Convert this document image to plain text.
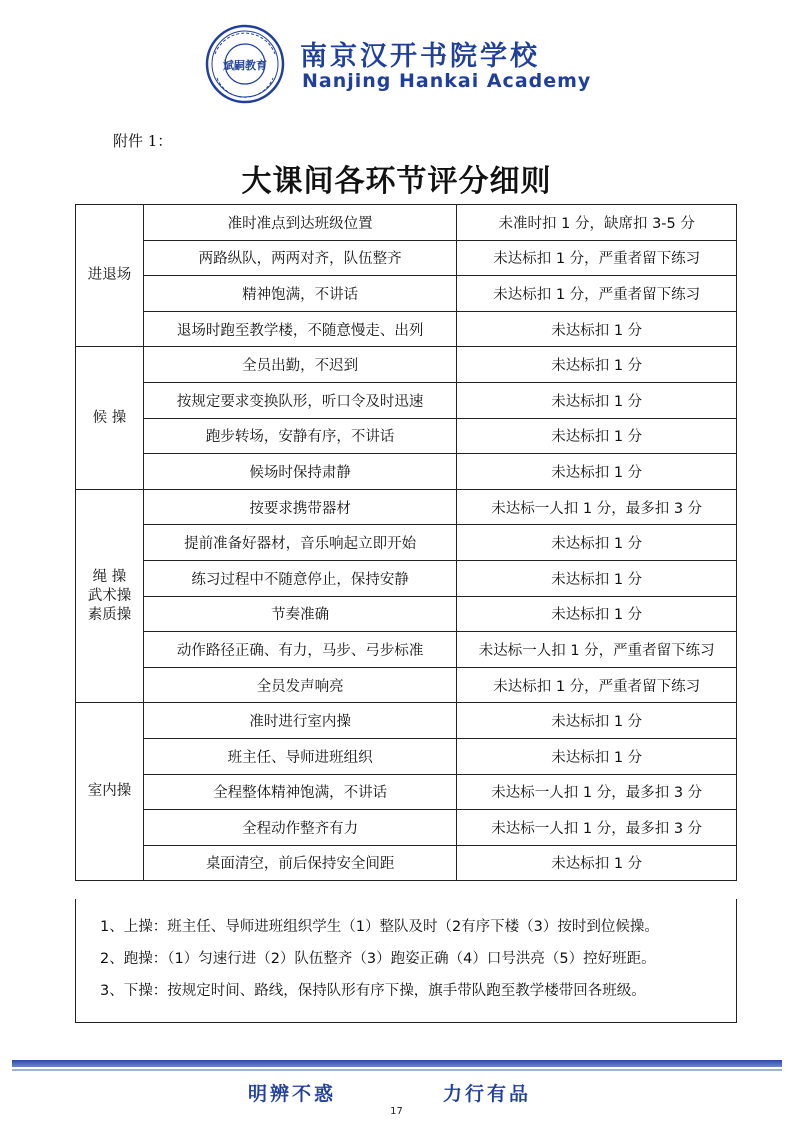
斌嗣教育 南京汉开书院学校
Nanjing Hankai Academy
附件 1：
大课间各环节评分细则
进退场	准时准点到达班级位置	未准时扣 1 分，缺席扣 3-5 分
	两路纵队，两两对齐，队伍整齐	未达标扣 1 分，严重者留下练习
	精神饱满，不讲话	未达标扣 1 分，严重者留下练习
	退场时跑至教学楼，不随意慢走、出列	未达标扣 1 分
候 操	全员出勤，不迟到	未达标扣 1 分
	按规定要求变换队形，听口令及时迅速	未达标扣 1 分
	跑步转场，安静有序，不讲话	未达标扣 1 分
	候场时保持肃静	未达标扣 1 分

绳 操
武术操
素质操	按要求携带器材	未达标一人扣 1 分，最多扣 3 分
	提前准备好器材，音乐响起立即开始	未达标扣 1 分
	练习过程中不随意停止，保持安静	未达标扣 1 分
	节奏准确	未达标扣 1 分
	动作路径正确、有力，马步、弓步标准	未达标一人扣 1 分，严重者留下练习
	全员发声响亮	未达标扣 1 分，严重者留下练习
室内操	准时进行室内操	未达标扣 1 分
	班主任、导师进班组织	未达标扣 1 分
	全程整体精神饱满，不讲话	未达标一人扣 1 分，最多扣 3 分
	全程动作整齐有力	未达标一人扣 1 分，最多扣 3 分
	桌面清空，前后保持安全间距	未达标扣 1 分
1、上操：班主任、导师进班组织学生（1）整队及时（2有序下楼（3）按时到位候操。
2、跑操：（1）匀速行进（2）队伍整齐（3）跑姿正确（4）口号洪亮（5）控好班距。
3、下操：按规定时间、路线，保持队形有序下操，旗手带队跑至教学楼带回各班级。
明辨不惑	力行有品
17
